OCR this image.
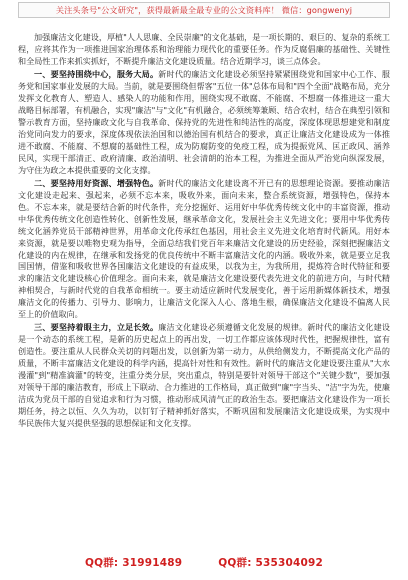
关注头条号"公文研究"，获得最新最全最专业的公文资料库！ 微信：gongwenyj

加强廉洁文化建设，厚植"人人思廉、全民崇廉"的文化基础，是一项长期的、艰巨的、复杂的系统工程，应将其作为一项推进国家治理体系和治理能力现代化的重要任务。作为反腐倡廉的基础性、关键性和全局性工作来抓实抓好，不断提升廉洁文化建设质量。结合近期学习，谈三点体会。

一、要坚持围绕中心，服务大局。新时代的廉洁文化建设必须坚持紧紧围绕党和国家中心工作、服务党和国家事业发展的大局。当前，就是要围绕但帮客"五位一体"总体布局和"四个全面"战略布局，充分发挥文化教育人、塑造人、感染人的功能和作用，围绕实现不敢腐、不能腐、不想腐一体推进这一重大战略目标部署，有机融合，实现"廉洁"与"文化"有机融合，必须统筹兼顾、结合农村，结合在典型引领和警示教育方面，坚持廉政文化与自我革命、保持党的先进性和纯洁性的高度，深度体现思想建党和制度治党同向发力的要求，深度体现依法治国和以德治国有机结合的要求，真正让廉洁文化建设成为一体推进不敢腐、不能腐、不想腐的基础性工程，成为防腐防变的免疫工程，成为提振党风、匡正政风、涵养民风，实现干部清正、政府清廉、政治清明、社会清朗的治本工程，为推进全面从严治党向纵深发展，为守住为政之本提供重要的文化支撑。

二、要坚持用好资源、增强特色。新时代的廉洁文化建设离不开已有的思想理论资源。要推动廉洁文化建设走起来、强起来，必须不忘本来，吸收外来，面向未来，整合系统资源，增强特色，保持本色。不忘本来，就是要结合新的时代条件，充分挖掘好、运用好中华优秀传统文化中的丰富资源，推动中华优秀传统文化创造性转化、创新性发展，继承革命文化，发展社会主义先进文化；要用中华优秀传统文化涵养党员干部精神世界，用革命文化传承红色基因，用社会主义先进文化培育时代新风。用好本来资源，就是要以唯物史观为指导，全面总结我们党百年来廉洁文化建设的历史经验，深刻把握廉洁文化建设的内在规律，在继承和发扬党的优良传统中不断丰富廉洁文化的内涵。吸收外来，就是要立足我国国情，借鉴和吸收世界各国廉洁文化建设的有益成果，以我为主，为我所用，提炼符合时代特征和要求的廉洁文化建设核心价值理念。面向未来，就是廉洁文化建设要代表先进文化的前进方向，与时代精神相契合，与新时代党的自我革命相统一。要主动适应新时代发展变化，善于运用新媒体新技术，增强廉洁文化的传播力、引导力、影响力，让廉洁文化深入人心、落地生根，确保廉洁文化建设不偏离人民至上的价值取向。

三、要坚持着眼主力，立足长效。廉洁文化建设必须遵循文化发展的规律。新时代的廉洁文化建设是一个动态的系统工程，是新的历史起点上的再出发，一切工作都应该体现时代性，把握规律性，富有创造性。要注重从人民群众关切的问题出发，以创新为第一动力，从供给侧发力，不断提高文化产品的质量，不断丰富廉洁文化建设的科学内涵，提高针对性和有效性。新时代的廉洁文化建设要注重从"大水漫灌"到"精准滴灌"的转变，注重分类分层，突出重点，特别是要针对领导干部这个"关键少数"，要加强对领导干部的廉洁教育，形成上下联动、合力推进的工作格局，真正做到"廉"字当头、"洁"字为先，使廉洁成为党员干部的自觉追求和行为习惯，推动形成风清气正的政治生态。要把廉洁文化建设作为一项长期任务，持之以恒、久久为功，以钉钉子精神抓好落实，不断巩固和发展廉洁文化建设成果，为实现中华民族伟大复兴提供坚强的思想保证和文化支撑。

QQ群: 31991489	QQ群: 535304092
